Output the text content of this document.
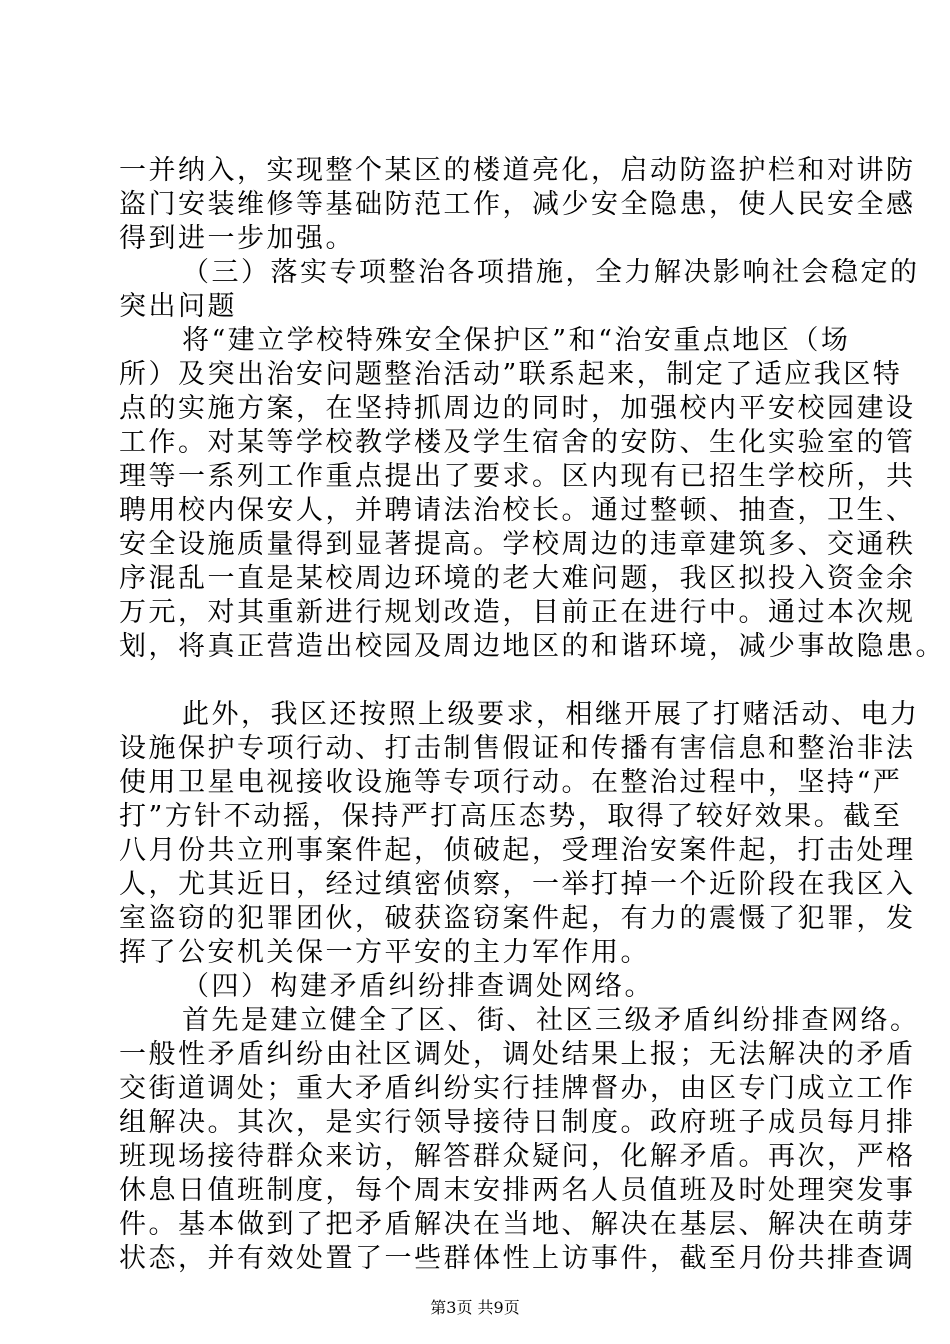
一并纳入，实现整个某区的楼道亮化，启动防盗护栏和对讲防
盗门安装维修等基础防范工作，减少安全隐患，使人民安全感
得到进一步加强。
（三）落实专项整治各项措施，全力解决影响社会稳定的
突出问题
将“建立学校特殊安全保护区”和“治安重点地区（场
所）及突出治安问题整治活动”联系起来，制定了适应我区特
点的实施方案，在坚持抓周边的同时，加强校内平安校园建设
工作。对某等学校教学楼及学生宿舍的安防、生化实验室的管
理等一系列工作重点提出了要求。区内现有已招生学校所，共
聘用校内保安人，并聘请法治校长。通过整顿、抽查，卫生、
安全设施质量得到显著提高。学校周边的违章建筑多、交通秩
序混乱一直是某校周边环境的老大难问题，我区拟投入资金余
万元，对其重新进行规划改造，目前正在进行中。通过本次规
划，将真正营造出校园及周边地区的和谐环境，减少事故隐患。
此外，我区还按照上级要求，相继开展了打赌活动、电力
设施保护专项行动、打击制售假证和传播有害信息和整治非法
使用卫星电视接收设施等专项行动。在整治过程中，坚持“严
打”方针不动摇，保持严打高压态势，取得了较好效果。截至
八月份共立刑事案件起，侦破起，受理治安案件起，打击处理
人，尤其近日，经过缜密侦察，一举打掉一个近阶段在我区入
室盗窃的犯罪团伙，破获盗窃案件起，有力的震慑了犯罪，发
挥了公安机关保一方平安的主力军作用。
（四）构建矛盾纠纷排查调处网络。
首先是建立健全了区、街、社区三级矛盾纠纷排查网络。
一般性矛盾纠纷由社区调处，调处结果上报；无法解决的矛盾
交街道调处；重大矛盾纠纷实行挂牌督办，由区专门成立工作
组解决。其次，是实行领导接待日制度。政府班子成员每月排
班现场接待群众来访，解答群众疑问，化解矛盾。再次，严格
休息日值班制度，每个周末安排两名人员值班及时处理突发事
件。基本做到了把矛盾解决在当地、解决在基层、解决在萌芽
状态，并有效处置了一些群体性上访事件，截至月份共排查调
第3页 共9页
